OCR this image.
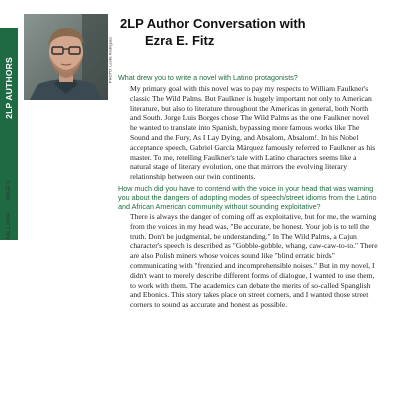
2LP AUTHORS
FALL 2014  PAGE 6
PHOTO: Leslie Rodriguez
2LP Author Conversation with
Ezra E. Fitz
What drew you to write a novel with Latino protagonists?
My primary goal with this novel was to pay my respects to William Faulkner's classic The Wild Palms. But Faulkner is hugely important not only to American literature, but also to literature throughout the Americas in general, both North and South. Jorge Luis Borges chose The Wild Palms as the one Faulkner novel he wanted to translate into Spanish, bypassing more famous works like The Sound and the Fury, As I Lay Dying, and Absalom, Absalom!. In his Nobel acceptance speech, Gabriel García Márquez famously referred to Faulkner as his master. To me, retelling Faulkner's tale with Latino characters seems like a natural stage of literary evolution, one that mirrors the evolving literary relationship between our twin continents.
How much did you have to contend with the voice in your head that was warning you about the dangers of adopting modes of speech/street idioms from the Latino and African American community without sounding exploitative?
There is always the danger of coming off as exploitative, but for me, the warning from the voices in my head was, "Be accurate, be honest. Your job is to tell the truth. Don't be judgmental, be understanding." In The Wild Palms, a Cajun character's speech is described as "Gobble-gobble, whang, caw-caw-to-to." There are also Polish miners whose voices sound like "blind erratic birds" communicating with "frenzied and incomprehensible noises." But in my novel, I didn't want to merely describe different forms of dialogue, I wanted to use them, to work with them. The academics can debate the merits of so-called Spanglish and Ebonics. This story takes place on street corners, and I wanted those street corners to sound as accurate and honest as possible.
